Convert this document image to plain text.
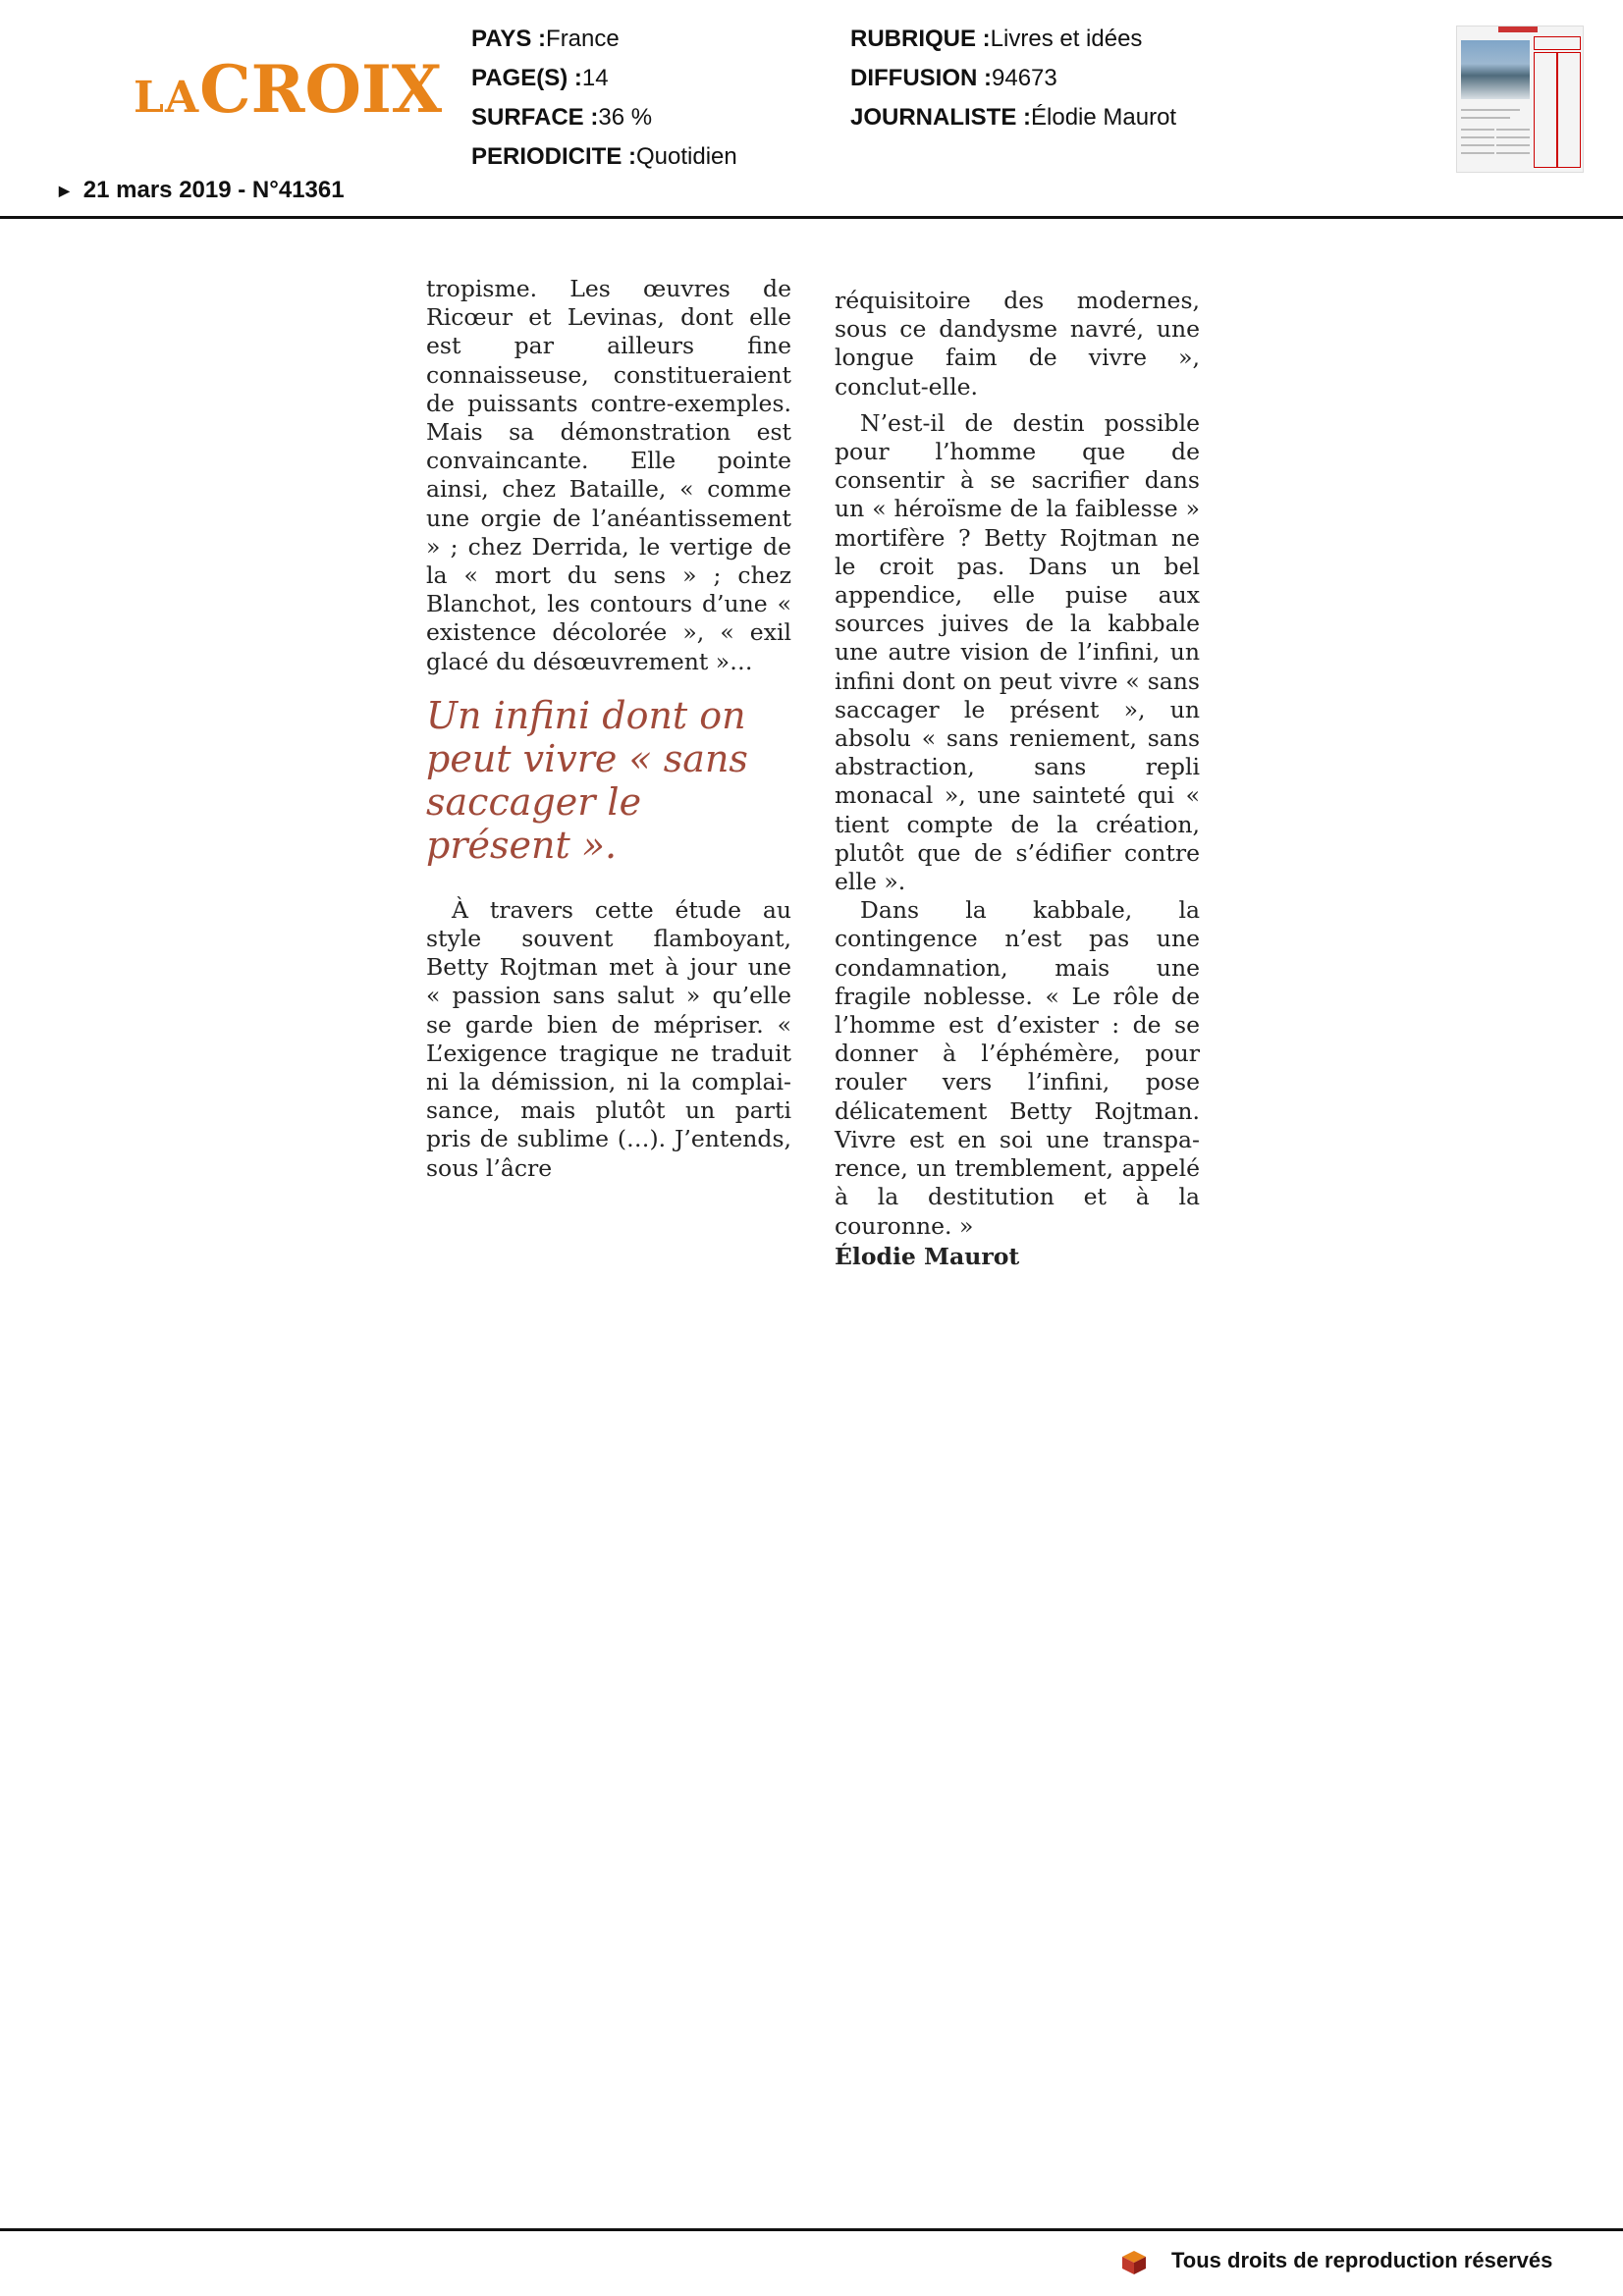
LACROIX
▶ 21 mars 2019 - N°41361
PAYS :France
PAGE(S) :14
SURFACE :36 %
PERIODICITE :Quotidien
RUBRIQUE :Livres et idées
DIFFUSION :94673
JOURNALISTE :Élodie Maurot

tropisme. Les œuvres de Ricœur et Levinas, dont elle est par ailleurs fine connaisseuse, constitueraient de puissants contre-exemples. Mais sa démonstration est convaincante. Elle pointe ainsi, chez Bataille, « comme une orgie de l’anéantissement » ; chez Derrida, le vertige de la « mort du sens » ; chez Blanchot, les contours d’une « existence décolorée », « exil glacé du désœuvrement »…

Un infini dont on peut vivre « sans saccager le présent ».

À travers cette étude au style souvent flamboyant, Betty Rojtman met à jour une « passion sans salut » qu’elle se garde bien de mépriser. « L’exigence tragique ne traduit ni la démission, ni la complaisance, mais plutôt un parti pris de sublime (…). J’entends, sous l’âcre

réquisitoire des modernes, sous ce dandysme navré, une longue faim de vivre », conclut-elle.

N’est-il de destin possible pour l’homme que de consentir à se sacrifier dans un « héroïsme de la faiblesse » mortifère ? Betty Rojtman ne le croit pas. Dans un bel appendice, elle puise aux sources juives de la kabbale une autre vision de l’infini, un infini dont on peut vivre « sans saccager le présent », un absolu « sans reniement, sans abstraction, sans repli monacal », une sainteté qui « tient compte de la création, plutôt que de s’édifier contre elle ».

Dans la kabbale, la contingence n’est pas une condamnation, mais une fragile noblesse. « Le rôle de l’homme est d’exister : de se donner à l’éphémère, pour rouler vers l’infini, pose délicatement Betty Rojtman. Vivre est en soi une transparence, un tremblement, appelé à la destitution et à la couronne. »

Élodie Maurot
Tous droits de reproduction réservés
